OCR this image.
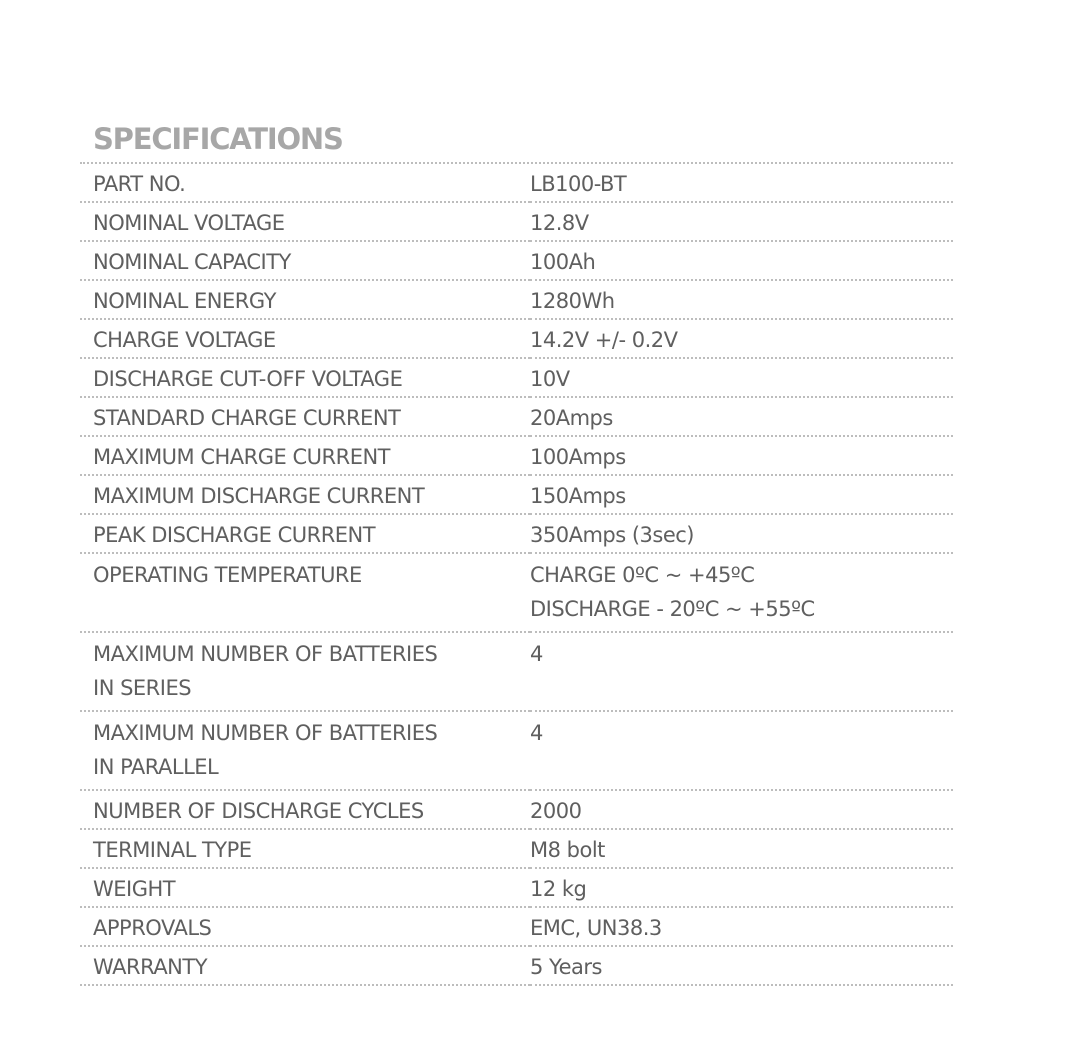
SPECIFICATIONS
PART NO.	LB100-BT
NOMINAL VOLTAGE	12.8V
NOMINAL CAPACITY	100Ah
NOMINAL ENERGY	1280Wh
CHARGE VOLTAGE	14.2V +/- 0.2V
DISCHARGE CUT-OFF VOLTAGE	10V
STANDARD CHARGE CURRENT	20Amps
MAXIMUM CHARGE CURRENT	100Amps
MAXIMUM DISCHARGE CURRENT	150Amps
PEAK DISCHARGE CURRENT	350Amps (3sec)
OPERATING TEMPERATURE	CHARGE 0ºC ~ +45ºC
DISCHARGE - 20ºC ~ +55ºC

MAXIMUM NUMBER OF BATTERIES
IN SERIES	4

MAXIMUM NUMBER OF BATTERIES
IN PARALLEL	4
NUMBER OF DISCHARGE CYCLES	2000
TERMINAL TYPE	M8 bolt
WEIGHT	12 kg
APPROVALS	EMC, UN38.3
WARRANTY	5 Years
